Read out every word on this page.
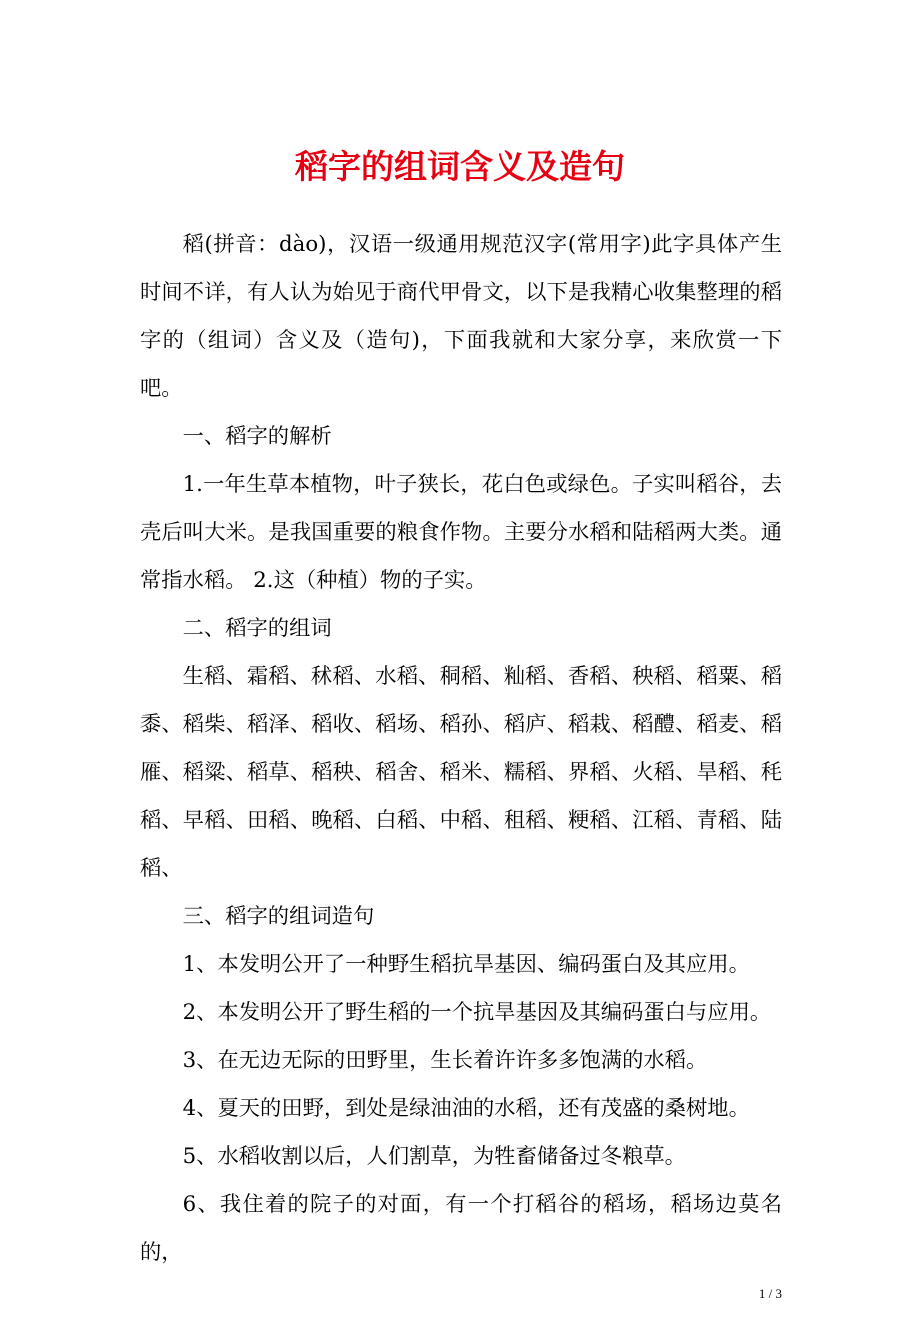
稻字的组词含义及造句

稻(拼音：dào)，汉语一级通用规范汉字(常用字)此字具体产生时间不详，有人认为始见于商代甲骨文，以下是我精心收集整理的稻字的（组词）含义及（造句)，下面我就和大家分享，来欣赏一下吧。

一、稻字的解析

1.一年生草本植物，叶子狭长，花白色或绿色。子实叫稻谷，去壳后叫大米。是我国重要的粮食作物。主要分水稻和陆稻两大类。通常指水稻。 2.这（种植）物的子实。

二、稻字的组词

生稻、霜稻、秫稻、水稻、秱稻、籼稻、香稻、秧稻、稻粟、稻黍、稻柴、稻泽、稻收、稻场、稻孙、稻庐、稻栽、稻醴、稻麦、稻雁、稻粱、稻草、稻秧、稻舍、稻米、糯稻、界稻、火稻、旱稻、秏稻、早稻、田稻、晚稻、白稻、中稻、租稻、粳稻、江稻、青稻、陆稻、

三、稻字的组词造句

1、本发明公开了一种野生稻抗旱基因、编码蛋白及其应用。

2、本发明公开了野生稻的一个抗旱基因及其编码蛋白与应用。

3、在无边无际的田野里，生长着许许多多饱满的水稻。

4、夏天的田野，到处是绿油油的水稻，还有茂盛的桑树地。

5、水稻收割以后，人们割草，为牲畜储备过冬粮草。

6、我住着的院子的对面，有一个打稻谷的稻场，稻场边莫名的，

1 / 3
